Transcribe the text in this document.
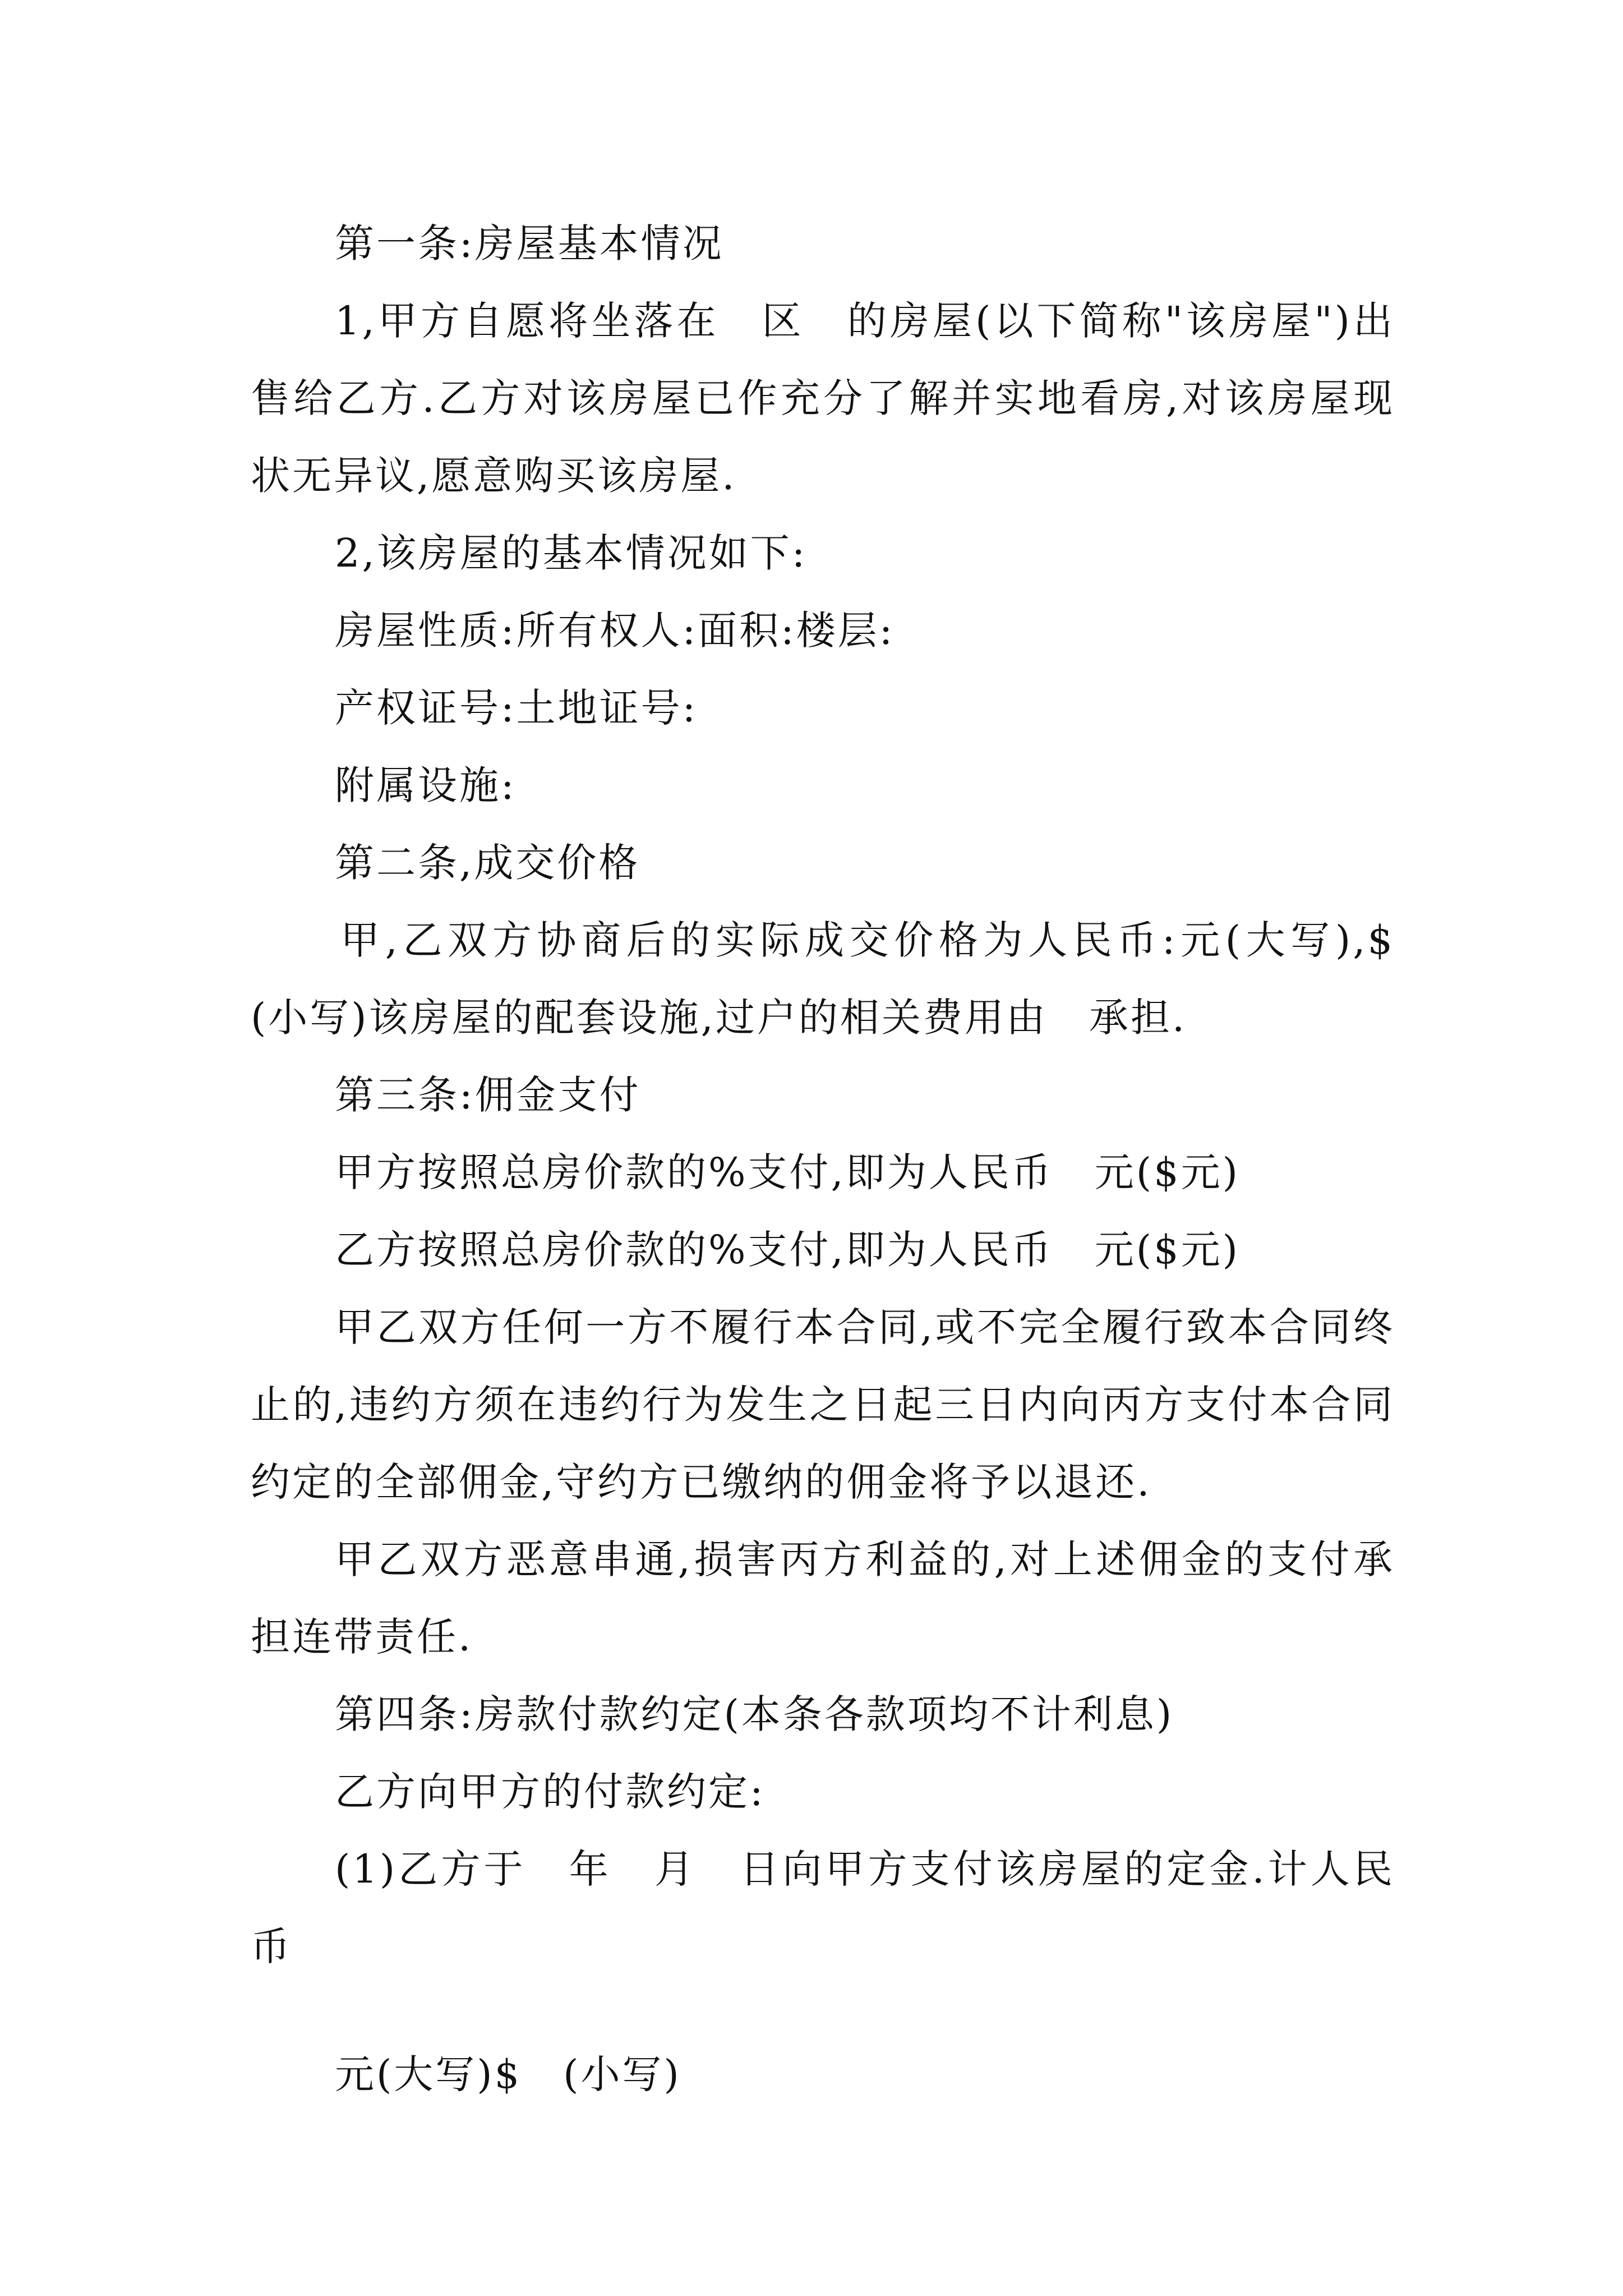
第一条:房屋基本情况

1,甲方自愿将坐落在　区　的房屋(以下简称"该房屋")出售给乙方.乙方对该房屋已作充分了解并实地看房,对该房屋现状无异议,愿意购买该房屋.

2,该房屋的基本情况如下:

房屋性质:所有权人:面积:楼层:

产权证号:土地证号:

附属设施:

第二条,成交价格

甲,乙双方协商后的实际成交价格为人民币:元(大写),$　(小写)该房屋的配套设施,过户的相关费用由　承担.

第三条:佣金支付

甲方按照总房价款的%支付,即为人民币　元($元)

乙方按照总房价款的%支付,即为人民币　元($元)

甲乙双方任何一方不履行本合同,或不完全履行致本合同终止的,违约方须在违约行为发生之日起三日内向丙方支付本合同约定的全部佣金,守约方已缴纳的佣金将予以退还.

甲乙双方恶意串通,损害丙方利益的,对上述佣金的支付承担连带责任.

第四条:房款付款约定(本条各款项均不计利息)

乙方向甲方的付款约定:

(1)乙方于　年　月　日向甲方支付该房屋的定金.计人民币

元(大写)$　(小写)
